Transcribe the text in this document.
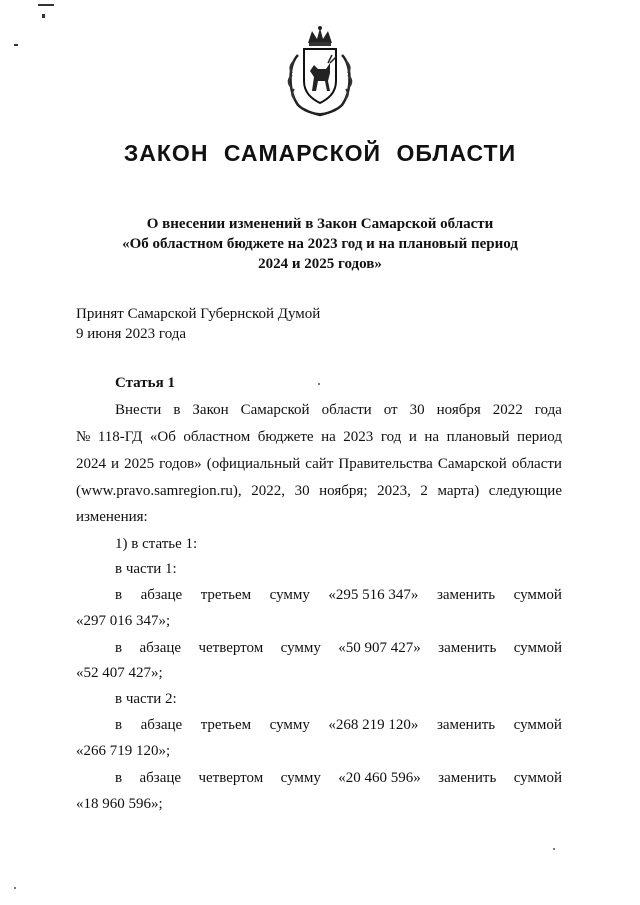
ЗАКОН САМАРСКОЙ ОБЛАСТИ
О внесении изменений в Закон Самарской области
«Об областном бюджете на 2023 год и на плановый период
2024 и 2025 годов»
Принят Самарской Губернской Думой
9 июня 2023 года
Статья 1
Внести в Закон Самарской области от 30 ноября 2022 года
№ 118-ГД «Об областном бюджете на 2023 год и на плановый период
2024 и 2025 годов» (официальный сайт Правительства Самарской области
(www.pravo.samregion.ru), 2022, 30 ноября; 2023, 2 марта) следующие
изменения:
1) в статье 1:
в части 1:
в абзаце третьем сумму «295 516 347» заменить суммой
«297 016 347»;
в абзаце четвертом сумму «50 907 427» заменить суммой
«52 407 427»;
в части 2:
в абзаце третьем сумму «268 219 120» заменить суммой
«266 719 120»;
в абзаце четвертом сумму «20 460 596» заменить суммой
«18 960 596»;
